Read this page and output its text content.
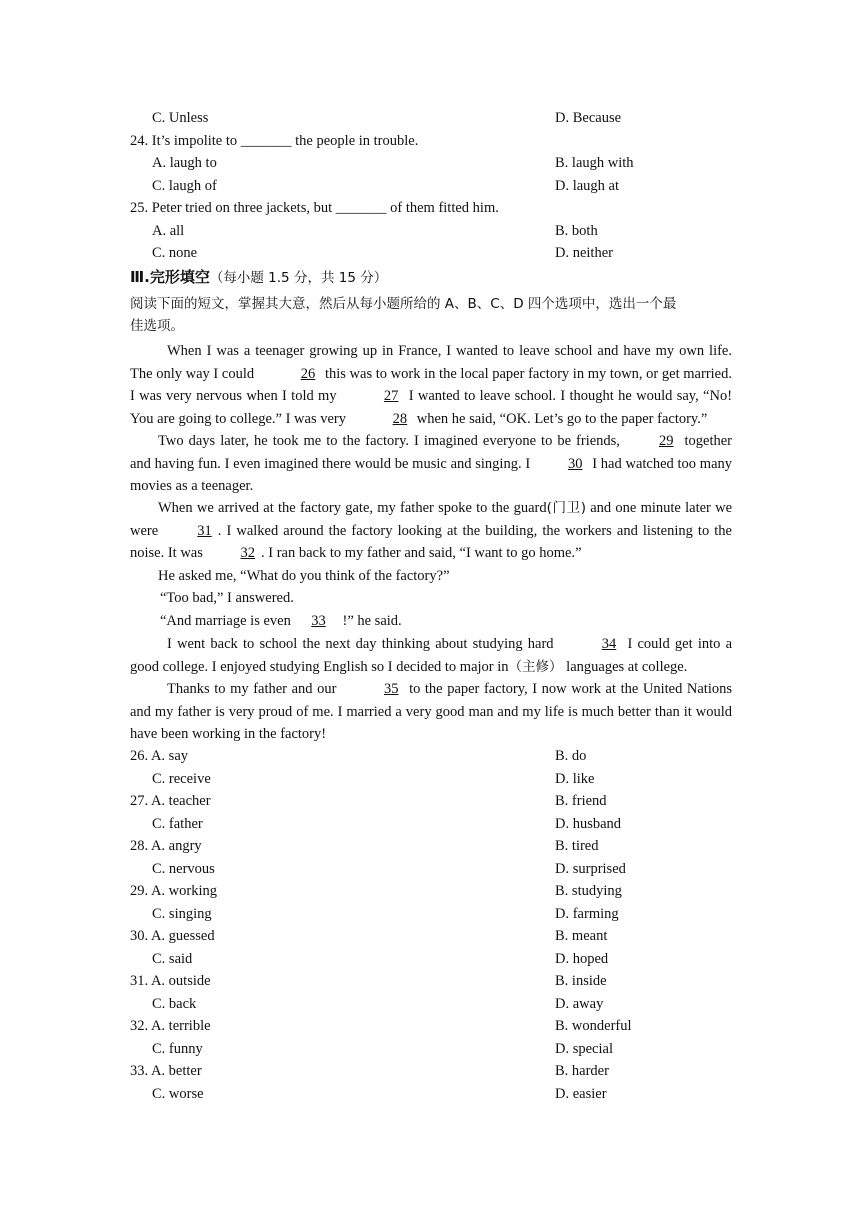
C. Unless	D. Because
24. It’s impolite to _______ the people in trouble.
A. laugh to	B. laugh with
C. laugh of	D. laugh at
25. Peter tried on three jackets, but _______ of them fitted him.
A. all	B. both
C. none	D. neither
Ⅲ.完形填空（每小题 1.5 分，共 15 分）
阅读下面的短文，掌握其大意，然后从每小题所给的 A、B、C、D 四个选项中，选出一个最
佳选项。
When I was a teenager growing up in France, I wanted to leave school and have my own life. The only way I could	26 this was to work in the local paper factory in my town, or get married. I was very nervous when I told my	27 I wanted to leave school. I thought he would say, “No! You are going to college.” I was very	28 when he said, “OK. Let’s go to the paper factory.”
Two days later, he took me to the factory. I imagined everyone to be friends,	29 together and having fun. I even imagined there would be music and singing. I	30 I had watched too many movies as a teenager.
When we arrived at the factory gate, my father spoke to the guard(门卫) and one minute later we were	31 . I walked around the factory looking at the building, the workers and listening to the noise. It was	32 . I ran back to my father and said, “I want to go home.”
He asked me, “What do you think of the factory?”
“Too bad,” I answered.
“And marriage is even 33 !” he said.
I went back to school the next day thinking about studying hard	34 I could get into a good college. I enjoyed studying English so I decided to major in（主修） languages at college.
Thanks to my father and our	35 to the paper factory, I now work at the United Nations and my father is very proud of me. I married a very good man and my life is much better than it would have been working in the factory!
26. A. say	B. do
C. receive	D. like
27. A. teacher	B. friend
C. father	D. husband
28. A. angry	B. tired
C. nervous	D. surprised
29. A. working	B. studying
C. singing	D. farming
30. A. guessed	B. meant
C. said	D. hoped
31. A. outside	B. inside
C. back	D. away
32. A. terrible	B. wonderful
C. funny	D. special
33. A. better	B. harder
C. worse	D. easier
